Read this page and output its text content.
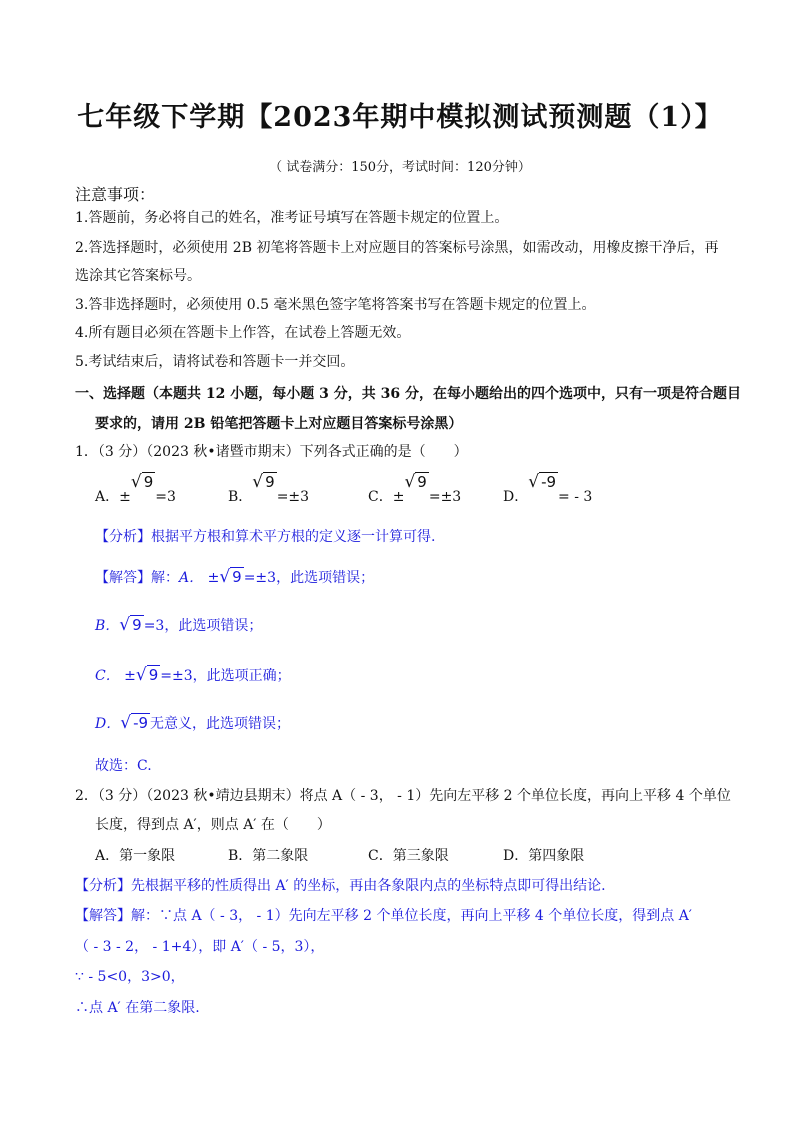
七年级下学期【2023年期中模拟测试预测题（1）】
（ 试卷满分：150分，考试时间：120分钟）
注意事项：
1.答题前，务必将自己的姓名，准考证号填写在答题卡规定的位置上。
2.答选择题时，必须使用 2B 初笔将答题卡上对应题目的答案标号涂黑，如需改动，用橡皮擦干净后，再
选涂其它答案标号。
3.答非选择题时，必须使用 0.5 毫米黑色签字笔将答案书写在答题卡规定的位置上。
4.所有题目必须在答题卡上作答，在试卷上答题无效。
5.考试结束后，请将试卷和答题卡一并交回。
一、选择题（本题共 12 小题，每小题 3 分，共 36 分，在每小题给出的四个选项中，只有一项是符合题目
要求的，请用 2B 铅笔把答题卡上对应题目答案标号涂黑）
1．（3 分）（2023 秋•诸暨市期末）下列各式正确的是（　　）
A．±√ 9=3	B．√ 9=±3	C．±√ 9=±3	D．√ -9= - 3
【分析】根据平方根和算术平方根的定义逐一计算可得.
【解答】解：A． ±√ 9 =±3，此选项错误；
B．√ 9 =3，此选项错误；
C． ±√ 9 =±3，此选项正确；
D．√ -9 无意义，此选项错误；
故选：C.
2．（3 分）（2023 秋•靖边县期末）将点 A（ - 3， - 1）先向左平移 2 个单位长度，再向上平移 4 个单位
长度，得到点 A′，则点 A′ 在（　　）
A．第一象限	B．第二象限	C．第三象限	D．第四象限
【分析】先根据平移的性质得出 A′ 的坐标，再由各象限内点的坐标特点即可得出结论.
【解答】解：∵点 A（ - 3， - 1）先向左平移 2 个单位长度，再向上平移 4 个单位长度，得到点 A′
（ - 3 - 2， - 1+4），即 A′（ - 5，3），
∵ - 5<0，3>0，
∴点 A′ 在第二象限.
